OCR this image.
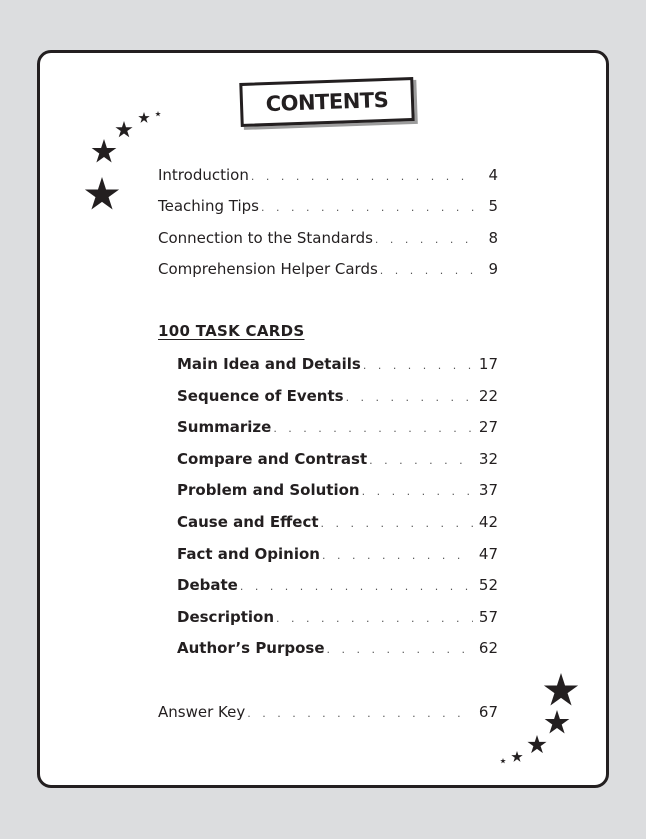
CONTENTS
Introduction . . .	4
Teaching Tips . . .	5
Connection to the Standards . . .	8
Comprehension Helper Cards . . .	9
100 TASK CARDS
Main Idea and Details . . .	17
Sequence of Events . . .	22
Summarize . . .	27
Compare and Contrast . . .	32
Problem and Solution . . .	37
Cause and Effect . . .	42
Fact and Opinion . . .	47
Debate . . .	52
Description . . .	57
Author’s Purpose . . .	62
Answer Key . . .	67
